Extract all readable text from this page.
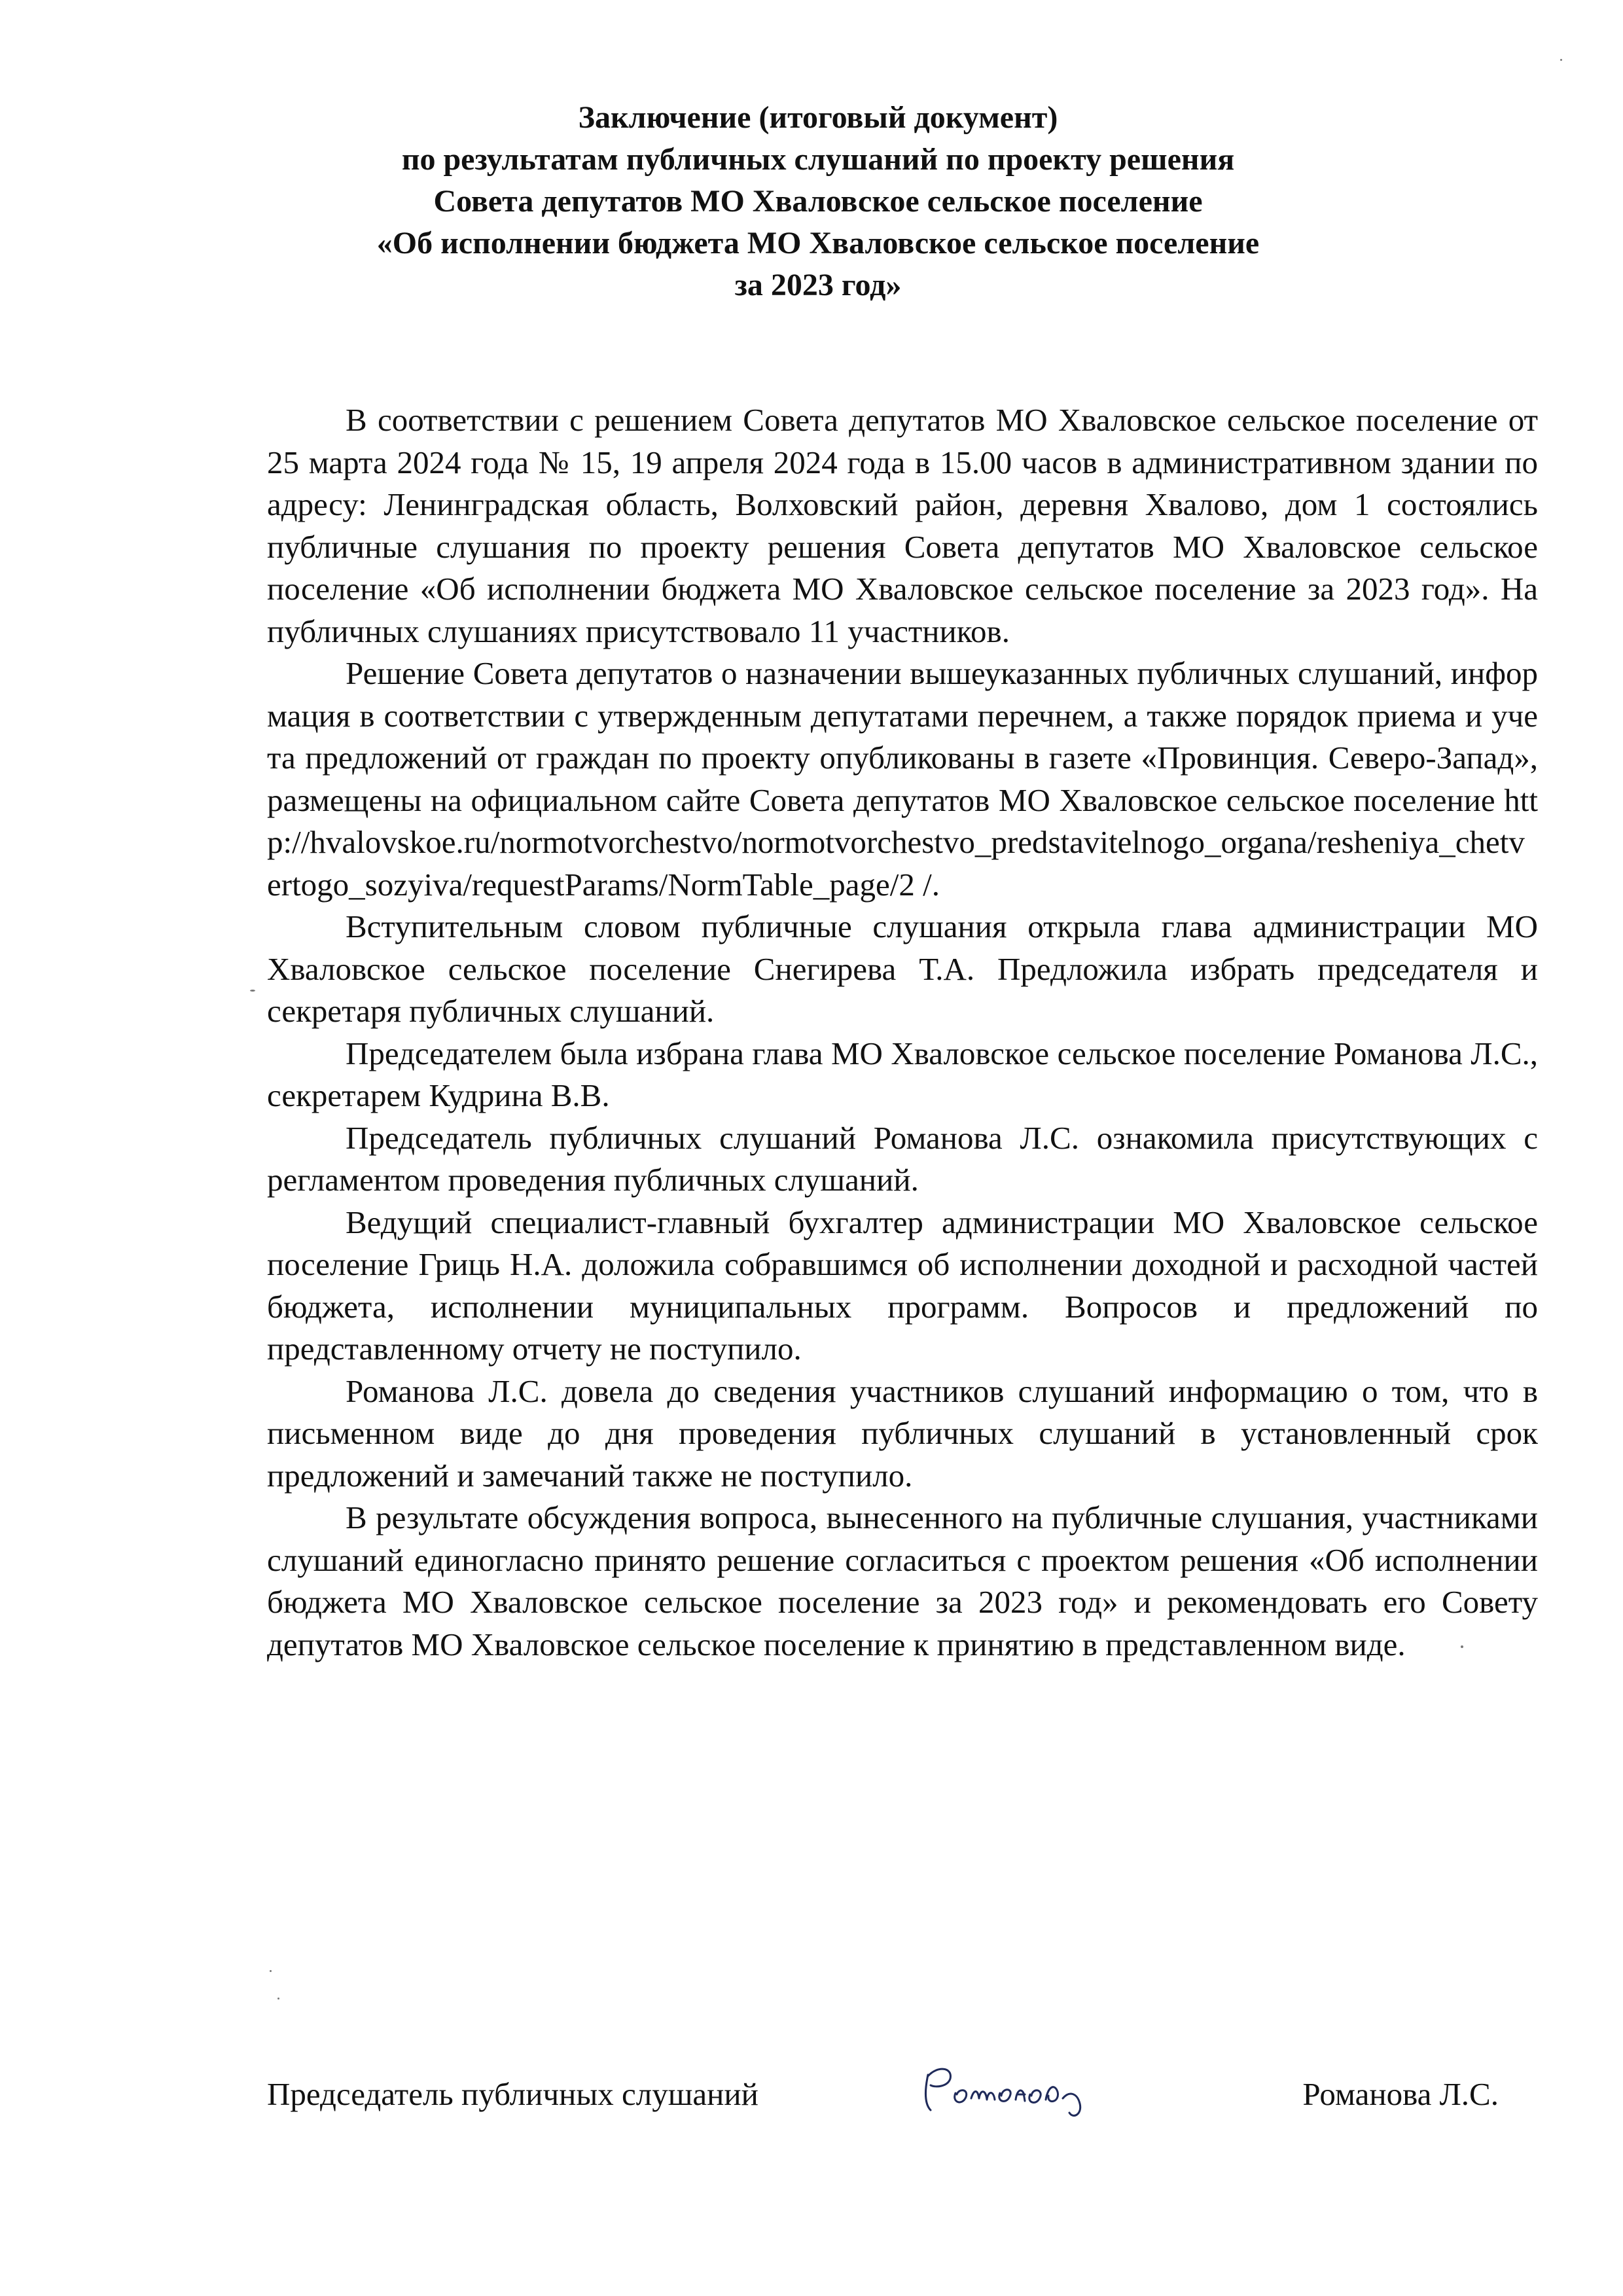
Заключение (итоговый документ)
по результатам публичных слушаний по проекту решения
Совета депутатов МО Хваловское сельское поселение
«Об исполнении бюджета МО Хваловское сельское поселение
за 2023 год»

В соответствии с решением Совета депутатов МО Хваловское сельское поселение от 25 марта 2024 года № 15, 19 апреля 2024 года в 15.00 часов в административном здании по адресу: Ленинградская область, Волховский район, деревня Хвалово, дом 1 состоялись публичные слушания по проекту решения Совета депутатов МО Хваловское сельское поселение «Об исполнении бюджета МО Хваловское сельское поселение за 2023 год». На публичных слушаниях присутствовало 11 участников.

Решение Совета депутатов о назначении вышеуказанных публичных слушаний, информация в соответствии с утвержденным депутатами перечнем, а также порядок приема и учета предложений от граждан по проекту опубликованы в газете «Провинция. Северо-Запад», размещены на официальном сайте Совета депутатов МО Хваловское сельское поселение http://hvalovskoe.ru/normotvorchestvo/normotvorchestvo_predstavitelnogo_organa/resheniya_chetvertogo_sozyiva/requestParams/NormTable_page/2 /.

Вступительным словом публичные слушания открыла глава администрации МО Хваловское сельское поселение Снегирева Т.А. Предложила избрать председателя и секретаря публичных слушаний.

Председателем была избрана глава МО Хваловское сельское поселение Романова Л.С., секретарем Кудрина В.В.

Председатель публичных слушаний Романова Л.С. ознакомила присутствующих с регламентом проведения публичных слушаний.

Ведущий специалист-главный бухгалтер администрации МО Хваловское сельское поселение Гриць Н.А. доложила собравшимся об исполнении доходной и расходной частей бюджета, исполнении муниципальных программ. Вопросов и предложений по представленному отчету не поступило.

Романова Л.С. довела до сведения участников слушаний информацию о том, что в письменном виде до дня проведения публичных слушаний в установленный срок предложений и замечаний также не поступило.

В результате обсуждения вопроса, вынесенного на публичные слушания, участниками слушаний единогласно принято решение согласиться с проектом решения «Об исполнении бюджета МО Хваловское сельское поселение за 2023 год» и рекомендовать его Совету депутатов МО Хваловское сельское поселение к принятию в представленном виде.

Председатель публичных слушаний	Романова Л.С.
